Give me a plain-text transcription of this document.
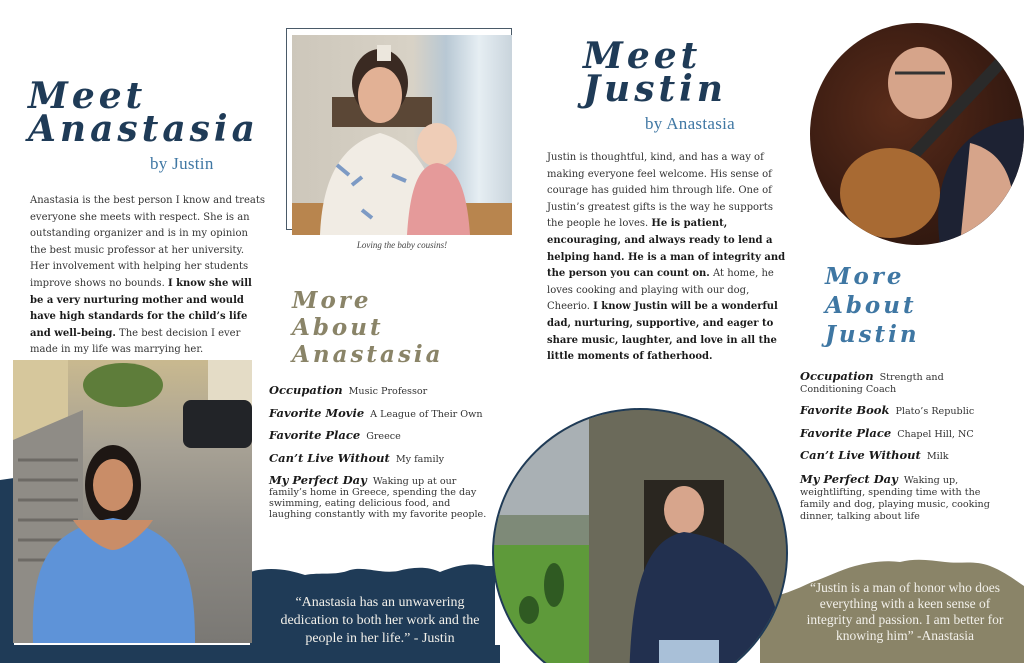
Meet
Anastasia
by Justin

Anastasia is the best person I know and treats everyone she meets with respect. She is an outstanding organizer and is in my opinion the best music professor at her university. Her involvement with helping her students improve shows no bounds. I know she will be a very nurturing mother and would have high standards for the child’s life and well-being. The best decision I ever made in my life was marrying her.

Loving the baby cousins!
More
About
Anastasia
Occupation Music Professor
Favorite Movie A League of Their Own
Favorite Place Greece
Can’t Live Without My family
My Perfect Day Waking up at our family’s home in Greece, spending the day swimming, eating delicious food, and laughing constantly with my favorite people.

“Anastasia has an unwavering dedication to both her work and the people in her life.” - Justin

Meet
Justin
by Anastasia

Justin is thoughtful, kind, and has a way of making everyone feel welcome. His sense of courage has guided him through life. One of Justin’s greatest gifts is the way he supports the people he loves. He is patient, encouraging, and always ready to lend a helping hand. He is a man of integrity and the person you can count on. At home, he loves cooking and playing with our dog, Cheerio. I know Justin will be a wonderful dad, nurturing, supportive, and eager to share music, laughter, and love in all the little moments of fatherhood.

More
About
Justin
Occupation Strength and Conditioning Coach
Favorite Book Plato’s Republic
Favorite Place Chapel Hill, NC
Can’t Live Without Milk
My Perfect Day Waking up, weightlifting, spending time with the family and dog, playing music, cooking dinner, talking about life

“Justin is a man of honor who does everything with a keen sense of integrity and passion. I am better for knowing him” -Anastasia
